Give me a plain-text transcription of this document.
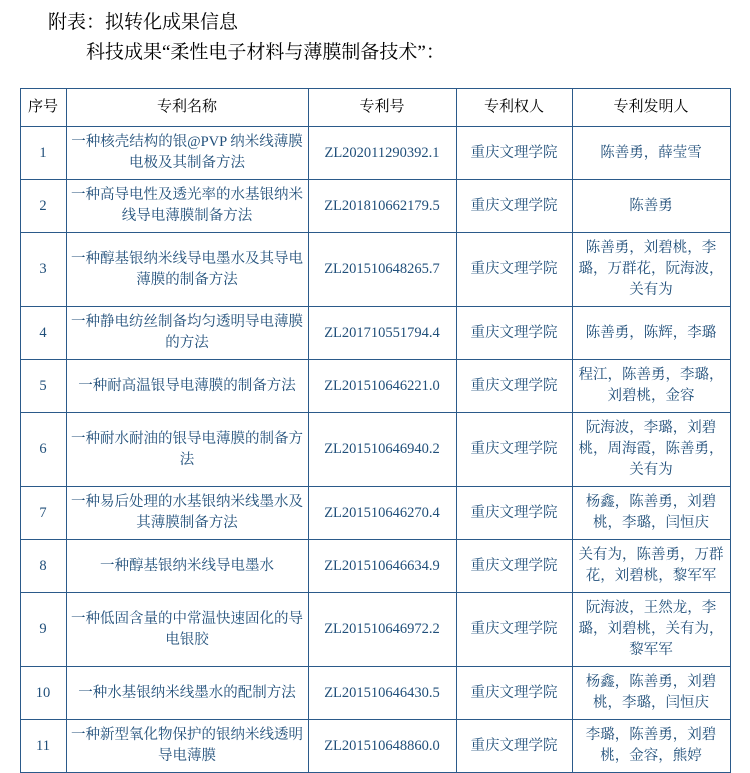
附表：拟转化成果信息
科技成果“柔性电子材料与薄膜制备技术”：
序号	专利名称	专利号	专利权人	专利发明人
1	一种核壳结构的银@PVP 纳米线薄膜电极及其制备方法	ZL202011290392.1	重庆文理学院	陈善勇，薛莹雪
2	一种高导电性及透光率的水基银纳米线导电薄膜制备方法	ZL201810662179.5	重庆文理学院	陈善勇
3	一种醇基银纳米线导电墨水及其导电薄膜的制备方法	ZL201510648265.7	重庆文理学院	陈善勇，刘碧桃，李璐，万群花，阮海波，关有为
4	一种静电纺丝制备均匀透明导电薄膜的方法	ZL201710551794.4	重庆文理学院	陈善勇，陈辉，李璐
5	一种耐高温银导电薄膜的制备方法	ZL201510646221.0	重庆文理学院	程江，陈善勇，李璐，刘碧桃，金容
6	一种耐水耐油的银导电薄膜的制备方法	ZL201510646940.2	重庆文理学院	阮海波，李璐，刘碧桃，周海霞，陈善勇，关有为
7	一种易后处理的水基银纳米线墨水及其薄膜制备方法	ZL201510646270.4	重庆文理学院	杨鑫，陈善勇，刘碧桃，李璐，闫恒庆
8	一种醇基银纳米线导电墨水	ZL201510646634.9	重庆文理学院	关有为，陈善勇，万群花，刘碧桃，黎军军
9	一种低固含量的中常温快速固化的导电银胶	ZL201510646972.2	重庆文理学院	阮海波，王然龙，李璐，刘碧桃，关有为，黎军军
10	一种水基银纳米线墨水的配制方法	ZL201510646430.5	重庆文理学院	杨鑫，陈善勇，刘碧桃，李璐，闫恒庆
11	一种新型氧化物保护的银纳米线透明导电薄膜	ZL201510648860.0	重庆文理学院	李璐，陈善勇，刘碧桃，金容，熊婷
